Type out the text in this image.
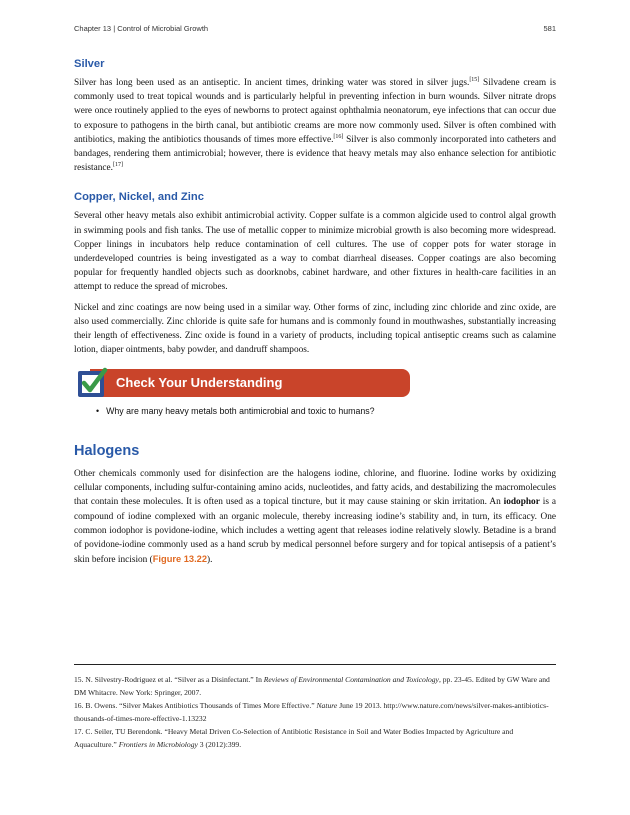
Chapter 13 | Control of Microbial Growth	581
Silver

Silver has long been used as an antiseptic. In ancient times, drinking water was stored in silver jugs.[15] Silvadene cream is commonly used to treat topical wounds and is particularly helpful in preventing infection in burn wounds. Silver nitrate drops were once routinely applied to the eyes of newborns to protect against ophthalmia neonatorum, eye infections that can occur due to exposure to pathogens in the birth canal, but antibiotic creams are more now commonly used. Silver is often combined with antibiotics, making the antibiotics thousands of times more effective.[16] Silver is also commonly incorporated into catheters and bandages, rendering them antimicrobial; however, there is evidence that heavy metals may also enhance selection for antibiotic resistance.[17]

Copper, Nickel, and Zinc

Several other heavy metals also exhibit antimicrobial activity. Copper sulfate is a common algicide used to control algal growth in swimming pools and fish tanks. The use of metallic copper to minimize microbial growth is also becoming more widespread. Copper linings in incubators help reduce contamination of cell cultures. The use of copper pots for water storage in underdeveloped countries is being investigated as a way to combat diarrheal diseases. Copper coatings are also becoming popular for frequently handled objects such as doorknobs, cabinet hardware, and other fixtures in health-care facilities in an attempt to reduce the spread of microbes.

Nickel and zinc coatings are now being used in a similar way. Other forms of zinc, including zinc chloride and zinc oxide, are also used commercially. Zinc chloride is quite safe for humans and is commonly found in mouthwashes, substantially increasing their length of effectiveness. Zinc oxide is found in a variety of products, including topical antiseptic creams such as calamine lotion, diaper ointments, baby powder, and dandruff shampoos.

Check Your Understanding
• Why are many heavy metals both antimicrobial and toxic to humans?
Halogens

Other chemicals commonly used for disinfection are the halogens iodine, chlorine, and fluorine. Iodine works by oxidizing cellular components, including sulfur-containing amino acids, nucleotides, and fatty acids, and destabilizing the macromolecules that contain these molecules. It is often used as a topical tincture, but it may cause staining or skin irritation. An iodophor is a compound of iodine complexed with an organic molecule, thereby increasing iodine’s stability and, in turn, its efficacy. One common iodophor is povidone-iodine, which includes a wetting agent that releases iodine relatively slowly. Betadine is a brand of povidone-iodine commonly used as a hand scrub by medical personnel before surgery and for topical antisepsis of a patient’s skin before incision (Figure 13.22).

15. N. Silvestry-Rodriguez et al. “Silver as a Disinfectant.” In Reviews of Environmental Contamination and Toxicology, pp. 23-45. Edited by GW Ware and DM Whitacre. New York: Springer, 2007.

16. B. Owens. “Silver Makes Antibiotics Thousands of Times More Effective.” Nature June 19 2013. http://www.nature.com/news/silver-makes-antibiotics-thousands-of-times-more-effective-1.13232

17. C. Seiler, TU Berendonk. “Heavy Metal Driven Co-Selection of Antibiotic Resistance in Soil and Water Bodies Impacted by Agriculture and Aquaculture.” Frontiers in Microbiology 3 (2012):399.
